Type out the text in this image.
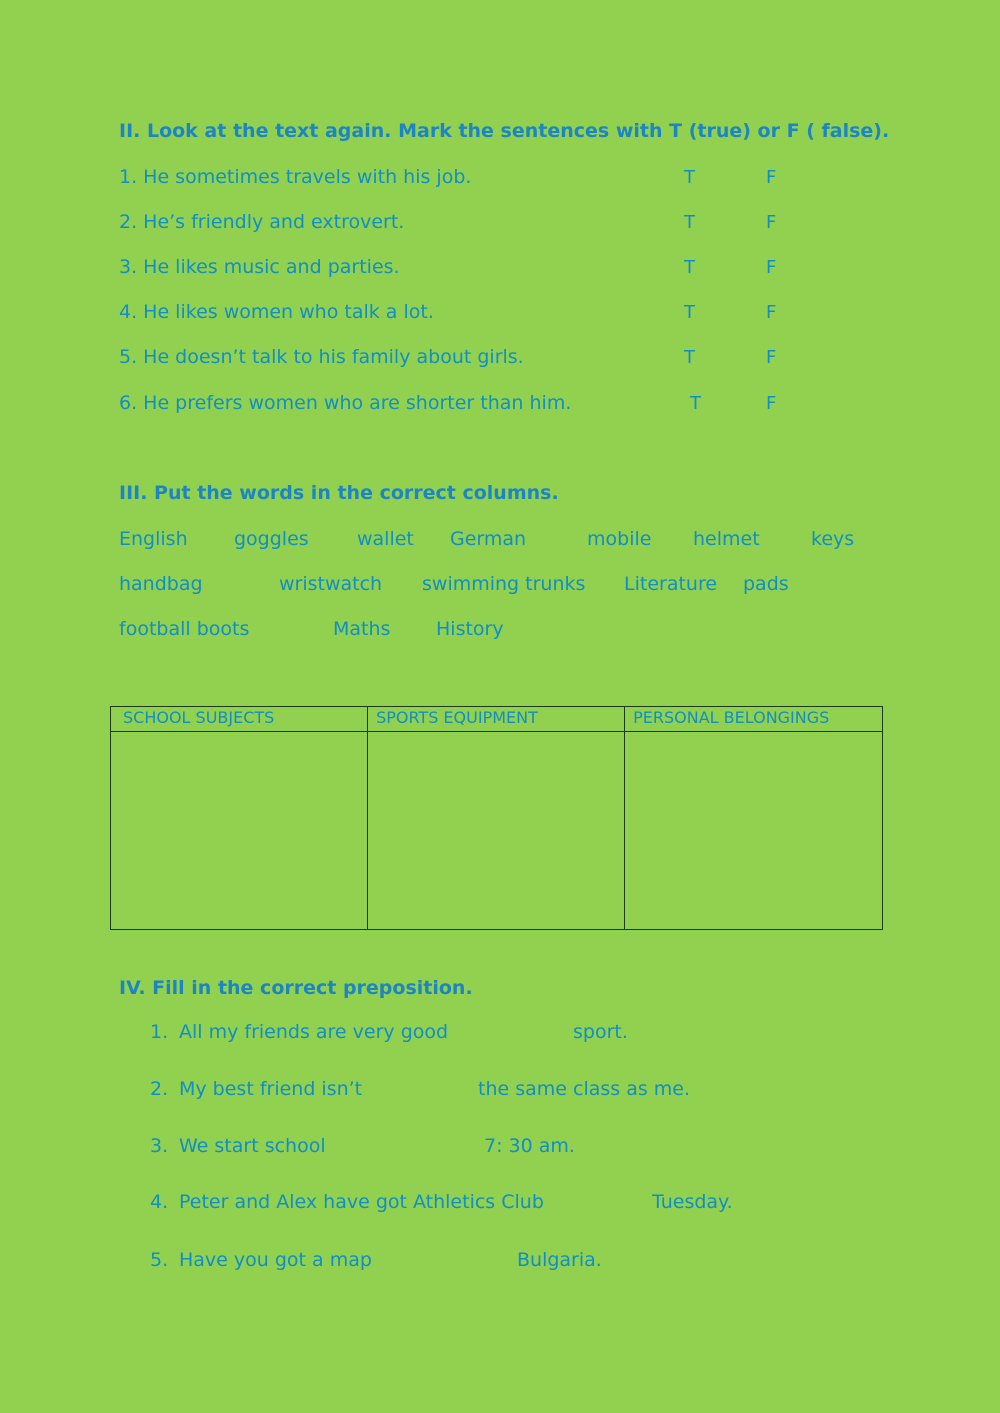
II. Look at the text again. Mark the sentences with T (true) or F ( false).
1. He sometimes travels with his job.	T	F
2. He’s friendly and extrovert.	T	F
3. He likes music and parties.	T	F
4. He likes women who talk a lot.	T	F
5. He doesn’t talk to his family about girls.	T	F
6. He prefers women who are shorter than him.	T	F
III. Put the words in the correct columns.
English goggles	wallet German	mobile helmet	keys
handbag	wristwatch swimming trunks Literature pads
football boots	Maths History
SCHOOL SUBJECTS	SPORTS EQUIPMENT	PERSONAL BELONGINGS

IV. Fill in the correct preposition.
1. All my friends are very good	sport.
2. My best friend isn’t	the same class as me.
3. We start school	7: 30 am.
4. Peter and Alex have got Athletics Club	Tuesday.
5. Have you got a map	Bulgaria.
